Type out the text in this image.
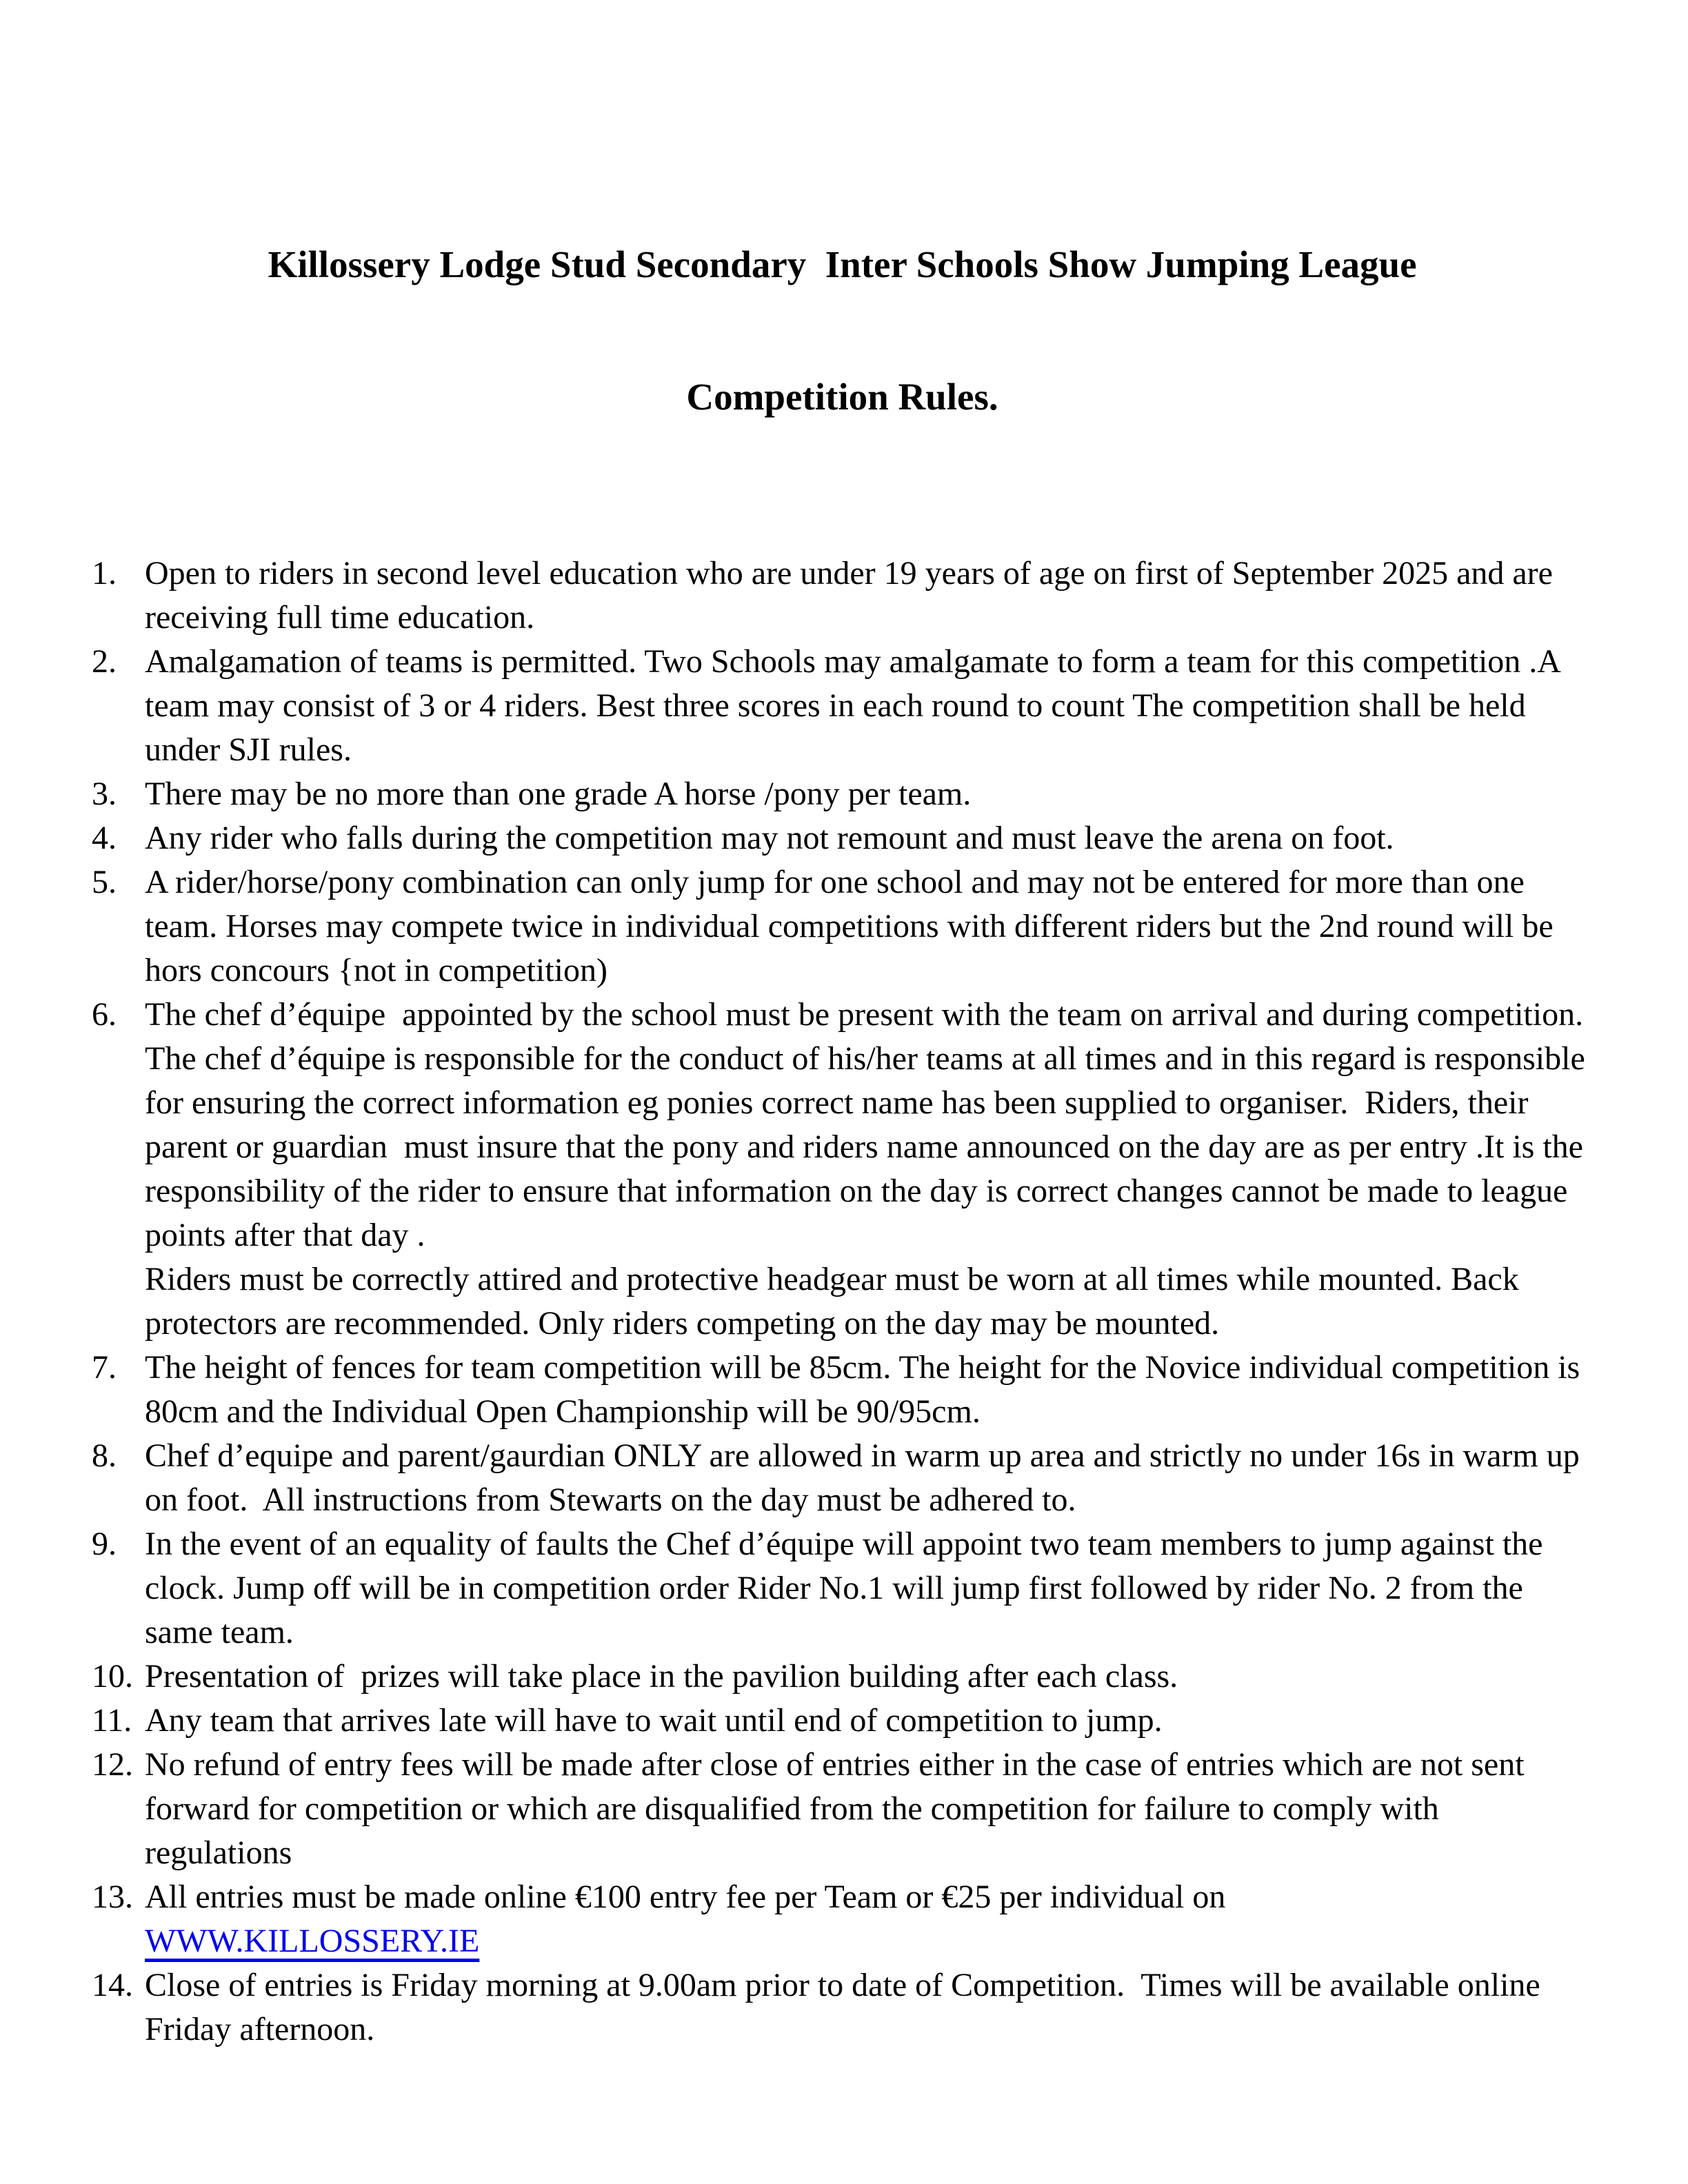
Killossery Lodge Stud Secondary  Inter Schools Show Jumping League

Competition Rules.

1. Open to riders in second level education who are under 19 years of age on first of September 2025 and are receiving full time education.
2. Amalgamation of teams is permitted. Two Schools may amalgamate to form a team for this competition .A team may consist of 3 or 4 riders. Best three scores in each round to count The competition shall be held under SJI rules.
3. There may be no more than one grade A horse /pony per team.
4. Any rider who falls during the competition may not remount and must leave the arena on foot.
5. A rider/horse/pony combination can only jump for one school and may not be entered for more than one team. Horses may compete twice in individual competitions with different riders but the 2nd round will be hors concours {not in competition)
6. The chef d’équipe  appointed by the school must be present with the team on arrival and during competition. The chef d’équipe is responsible for the conduct of his/her teams at all times and in this regard is responsible for ensuring the correct information eg ponies correct name has been supplied to organiser.  Riders, their parent or guardian  must insure that the pony and riders name announced on the day are as per entry .It is the responsibility of the rider to ensure that information on the day is correct changes cannot be made to league points after that day .
Riders must be correctly attired and protective headgear must be worn at all times while mounted. Back protectors are recommended. Only riders competing on the day may be mounted.
7. The height of fences for team competition will be 85cm. The height for the Novice individual competition is 80cm and the Individual Open Championship will be 90/95cm.
8. Chef d’equipe and parent/gaurdian ONLY are allowed in warm up area and strictly no under 16s in warm up on foot.  All instructions from Stewarts on the day must be adhered to.
9. In the event of an equality of faults the Chef d’équipe will appoint two team members to jump against the clock. Jump off will be in competition order Rider No.1 will jump first followed by rider No. 2 from the same team.
10. Presentation of  prizes will take place in the pavilion building after each class.
11. Any team that arrives late will have to wait until end of competition to jump.
12. No refund of entry fees will be made after close of entries either in the case of entries which are not sent forward for competition or which are disqualified from the competition for failure to comply with regulations
13. All entries must be made online €100 entry fee per Team or €25 per individual on
WWW.KILLOSSERY.IE
14. Close of entries is Friday morning at 9.00am prior to date of Competition.  Times will be available online Friday afternoon.
